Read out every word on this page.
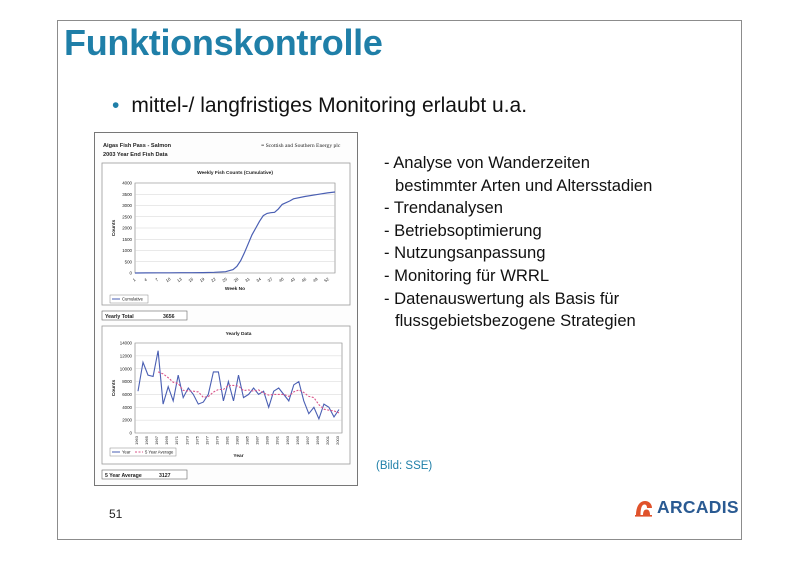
Funktionskontrolle
• mittel-/ langfristiges Monitoring erlaubt u.a.
Aigas Fish Pass - Salmon
2003 Year End Fish Data
≡ Scottish and Southern Energy plc
Weekly Fish Counts (Cumulative)
0
500
1000
1500
2000
2500
3000
3500
4000
1 4 7 10 13 16 19 22 25 28 31 34 37 40 43 46 49 52
Week No
Counts
Cumulative
Yearly Total	3656
Yearly Data
0
2000
4000
6000
8000
10000
12000
14000
1963 1965 1967 1969 1971 1973 1975 1977 1979 1981 1983 1985 1987 1989 1991 1993 1995 1997 1999 2001 2003
Year
Counts
Year	5 Year Average
5 Year Average	3127
- Analyse von Wanderzeiten
bestimmter Arten und Altersstadien
- Trendanalysen
- Betriebsoptimierung
- Nutzungsanpassung
- Monitoring für WRRL
- Datenauswertung als Basis für
flussgebietsbezogene Strategien
(Bild: SSE)
51	ARCADIS
